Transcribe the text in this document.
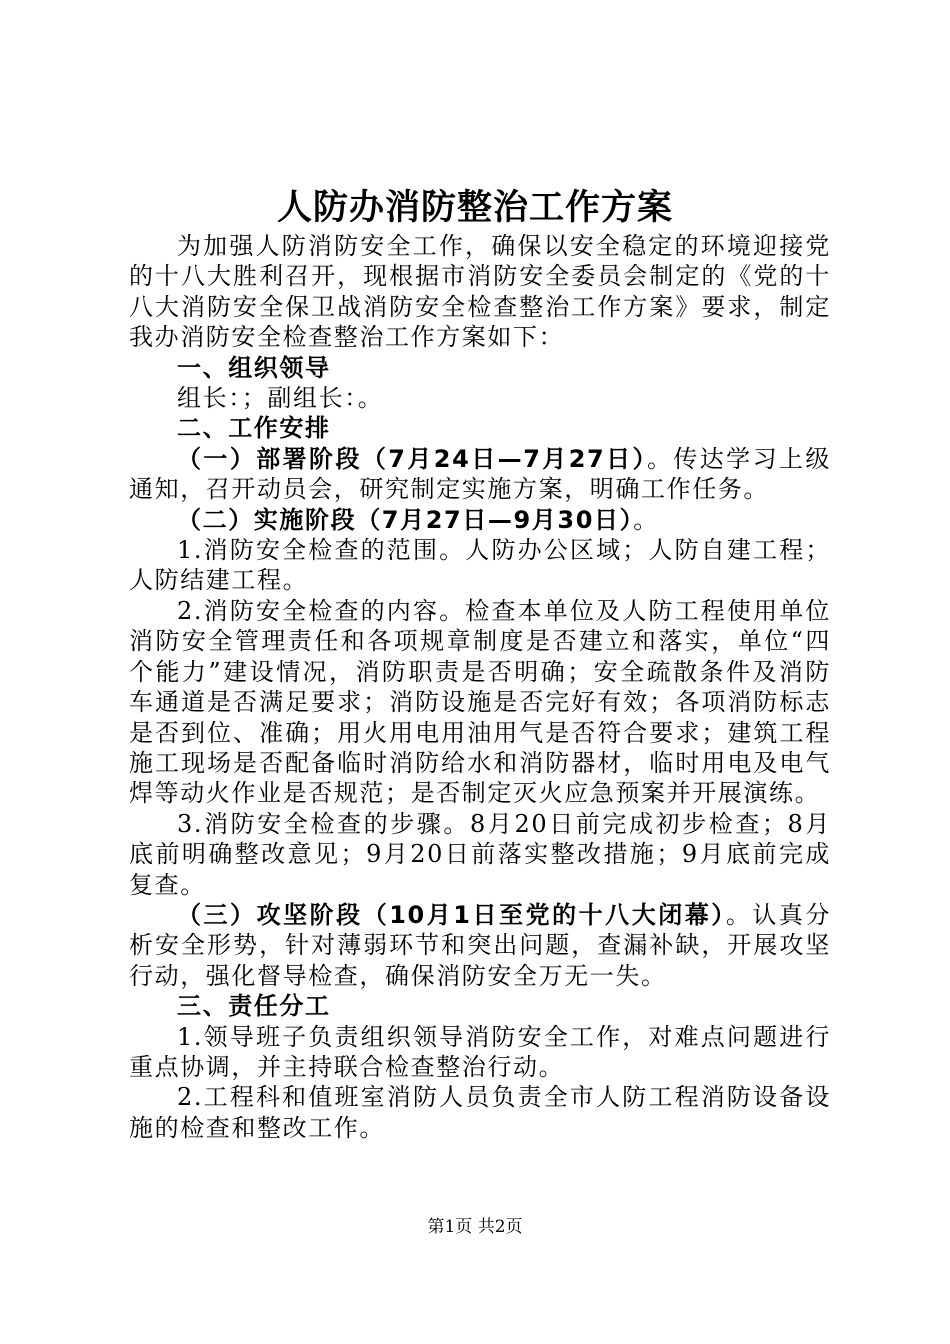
人防办消防整治工作方案

为加强人防消防安全工作，确保以安全稳定的环境迎接党的十八大胜利召开，现根据市消防安全委员会制定的《党的十八大消防安全保卫战消防安全检查整治工作方案》要求，制定我办消防安全检查整治工作方案如下：

一、组织领导

组长：；副组长：。

二、工作安排

（一）部署阶段（7月24日—7月27日）。传达学习上级通知，召开动员会，研究制定实施方案，明确工作任务。

（二）实施阶段（7月27日—9月30日）。

1.消防安全检查的范围。人防办公区域；人防自建工程；人防结建工程。

2.消防安全检查的内容。检查本单位及人防工程使用单位消防安全管理责任和各项规章制度是否建立和落实，单位“四个能力”建设情况，消防职责是否明确；安全疏散条件及消防车通道是否满足要求；消防设施是否完好有效；各项消防标志是否到位、准确；用火用电用油用气是否符合要求；建筑工程施工现场是否配备临时消防给水和消防器材，临时用电及电气焊等动火作业是否规范；是否制定灭火应急预案并开展演练。

3.消防安全检查的步骤。8月20日前完成初步检查；8月底前明确整改意见；9月20日前落实整改措施；9月底前完成复查。

（三）攻坚阶段（10月1日至党的十八大闭幕）。认真分析安全形势，针对薄弱环节和突出问题，查漏补缺，开展攻坚行动，强化督导检查，确保消防安全万无一失。

三、责任分工

1.领导班子负责组织领导消防安全工作，对难点问题进行重点协调，并主持联合检查整治行动。

2.工程科和值班室消防人员负责全市人防工程消防设备设施的检查和整改工作。

第1页 共2页
